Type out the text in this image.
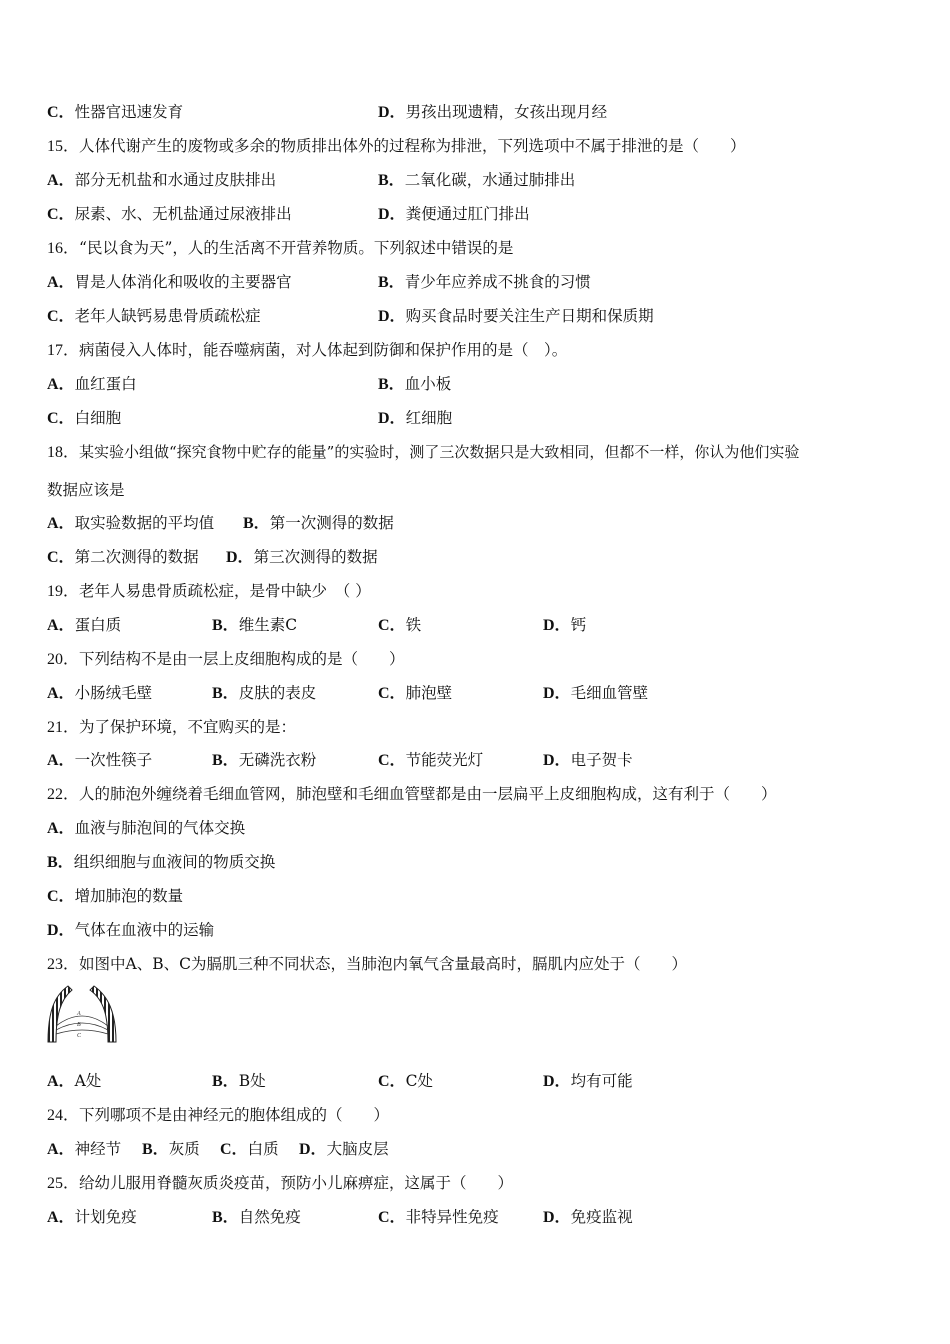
C．性器官迅速发育	D．男孩出现遗精，女孩出现月经
15．人体代谢产生的废物或多余的物质排出体外的过程称为排泄，下列选项中不属于排泄的是（　　）
A．部分无机盐和水通过皮肤排出	B．二氧化碳，水通过肺排出
C．尿素、水、无机盐通过尿液排出	D．粪便通过肛门排出
16．“民以食为天”，人的生活离不开营养物质。下列叙述中错误的是
A．胃是人体消化和吸收的主要器官	B．青少年应养成不挑食的习惯
C．老年人缺钙易患骨质疏松症	D．购买食品时要关注生产日期和保质期
17．病菌侵入人体时，能吞噬病菌，对人体起到防御和保护作用的是（　）。
A．血红蛋白	B．血小板
C．白细胞	D．红细胞
18．某实验小组做“探究食物中贮存的能量”的实验时，测了三次数据只是大致相同，但都不一样，你认为他们实验
数据应该是
A．取实验数据的平均值 B．第一次测得的数据
C．第二次测得的数据 D．第三次测得的数据
19．老年人易患骨质疏松症，是骨中缺少　（ ）
A．蛋白质	B．维生素C	C．铁	D．钙
20．下列结构不是由一层上皮细胞构成的是（　　）
A．小肠绒毛壁	B．皮肤的表皮	C．肺泡壁	D．毛细血管壁
21．为了保护环境，不宜购买的是：
A．一次性筷子	B．无磷洗衣粉	C．节能荧光灯	D．电子贺卡
22．人的肺泡外缠绕着毛细血管网，肺泡壁和毛细血管壁都是由一层扁平上皮细胞构成，这有利于（　　）
A．血液与肺泡间的气体交换
B．组织细胞与血液间的物质交换
C．增加肺泡的数量
D．气体在血液中的运输
23．如图中A、B、C为膈肌三种不同状态，当肺泡内氧气含量最高时，膈肌内应处于（　　）
A
B
C
A．A处	B．B处	C．C处	D．均有可能
24．下列哪项不是由神经元的胞体组成的（　　）
A．神经节 B．灰质 C．白质 D．大脑皮层
25．给幼儿服用脊髓灰质炎疫苗，预防小儿麻痹症，这属于（　　）
A．计划免疫	B．自然免疫	C．非特异性免疫	D．免疫监视
